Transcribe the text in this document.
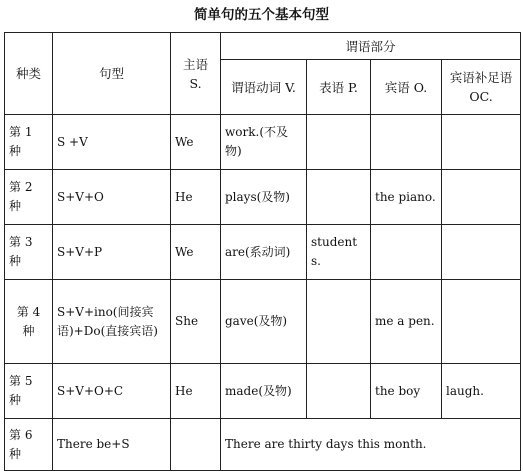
简单句的五个基本句型
种类	句型	主语 S.	谓语部分			
			谓语动词 V.	表语 P.	宾语 O.	宾语补足语 OC.
第 1 种	S +V	We	work.(不及物)			
第 2 种	S+V+O	He	plays(及物)		the piano.	
第 3 种	S+V+P	We	are(系动词)	students.		
第 4 种	S+V+ino(间接宾语)+Do(直接宾语)	She	gave(及物)		me a pen.	
第 5 种	S+V+O+C	He	made(及物)		the boy	laugh.
第 6 种	There be+S		There are thirty days this month.			
